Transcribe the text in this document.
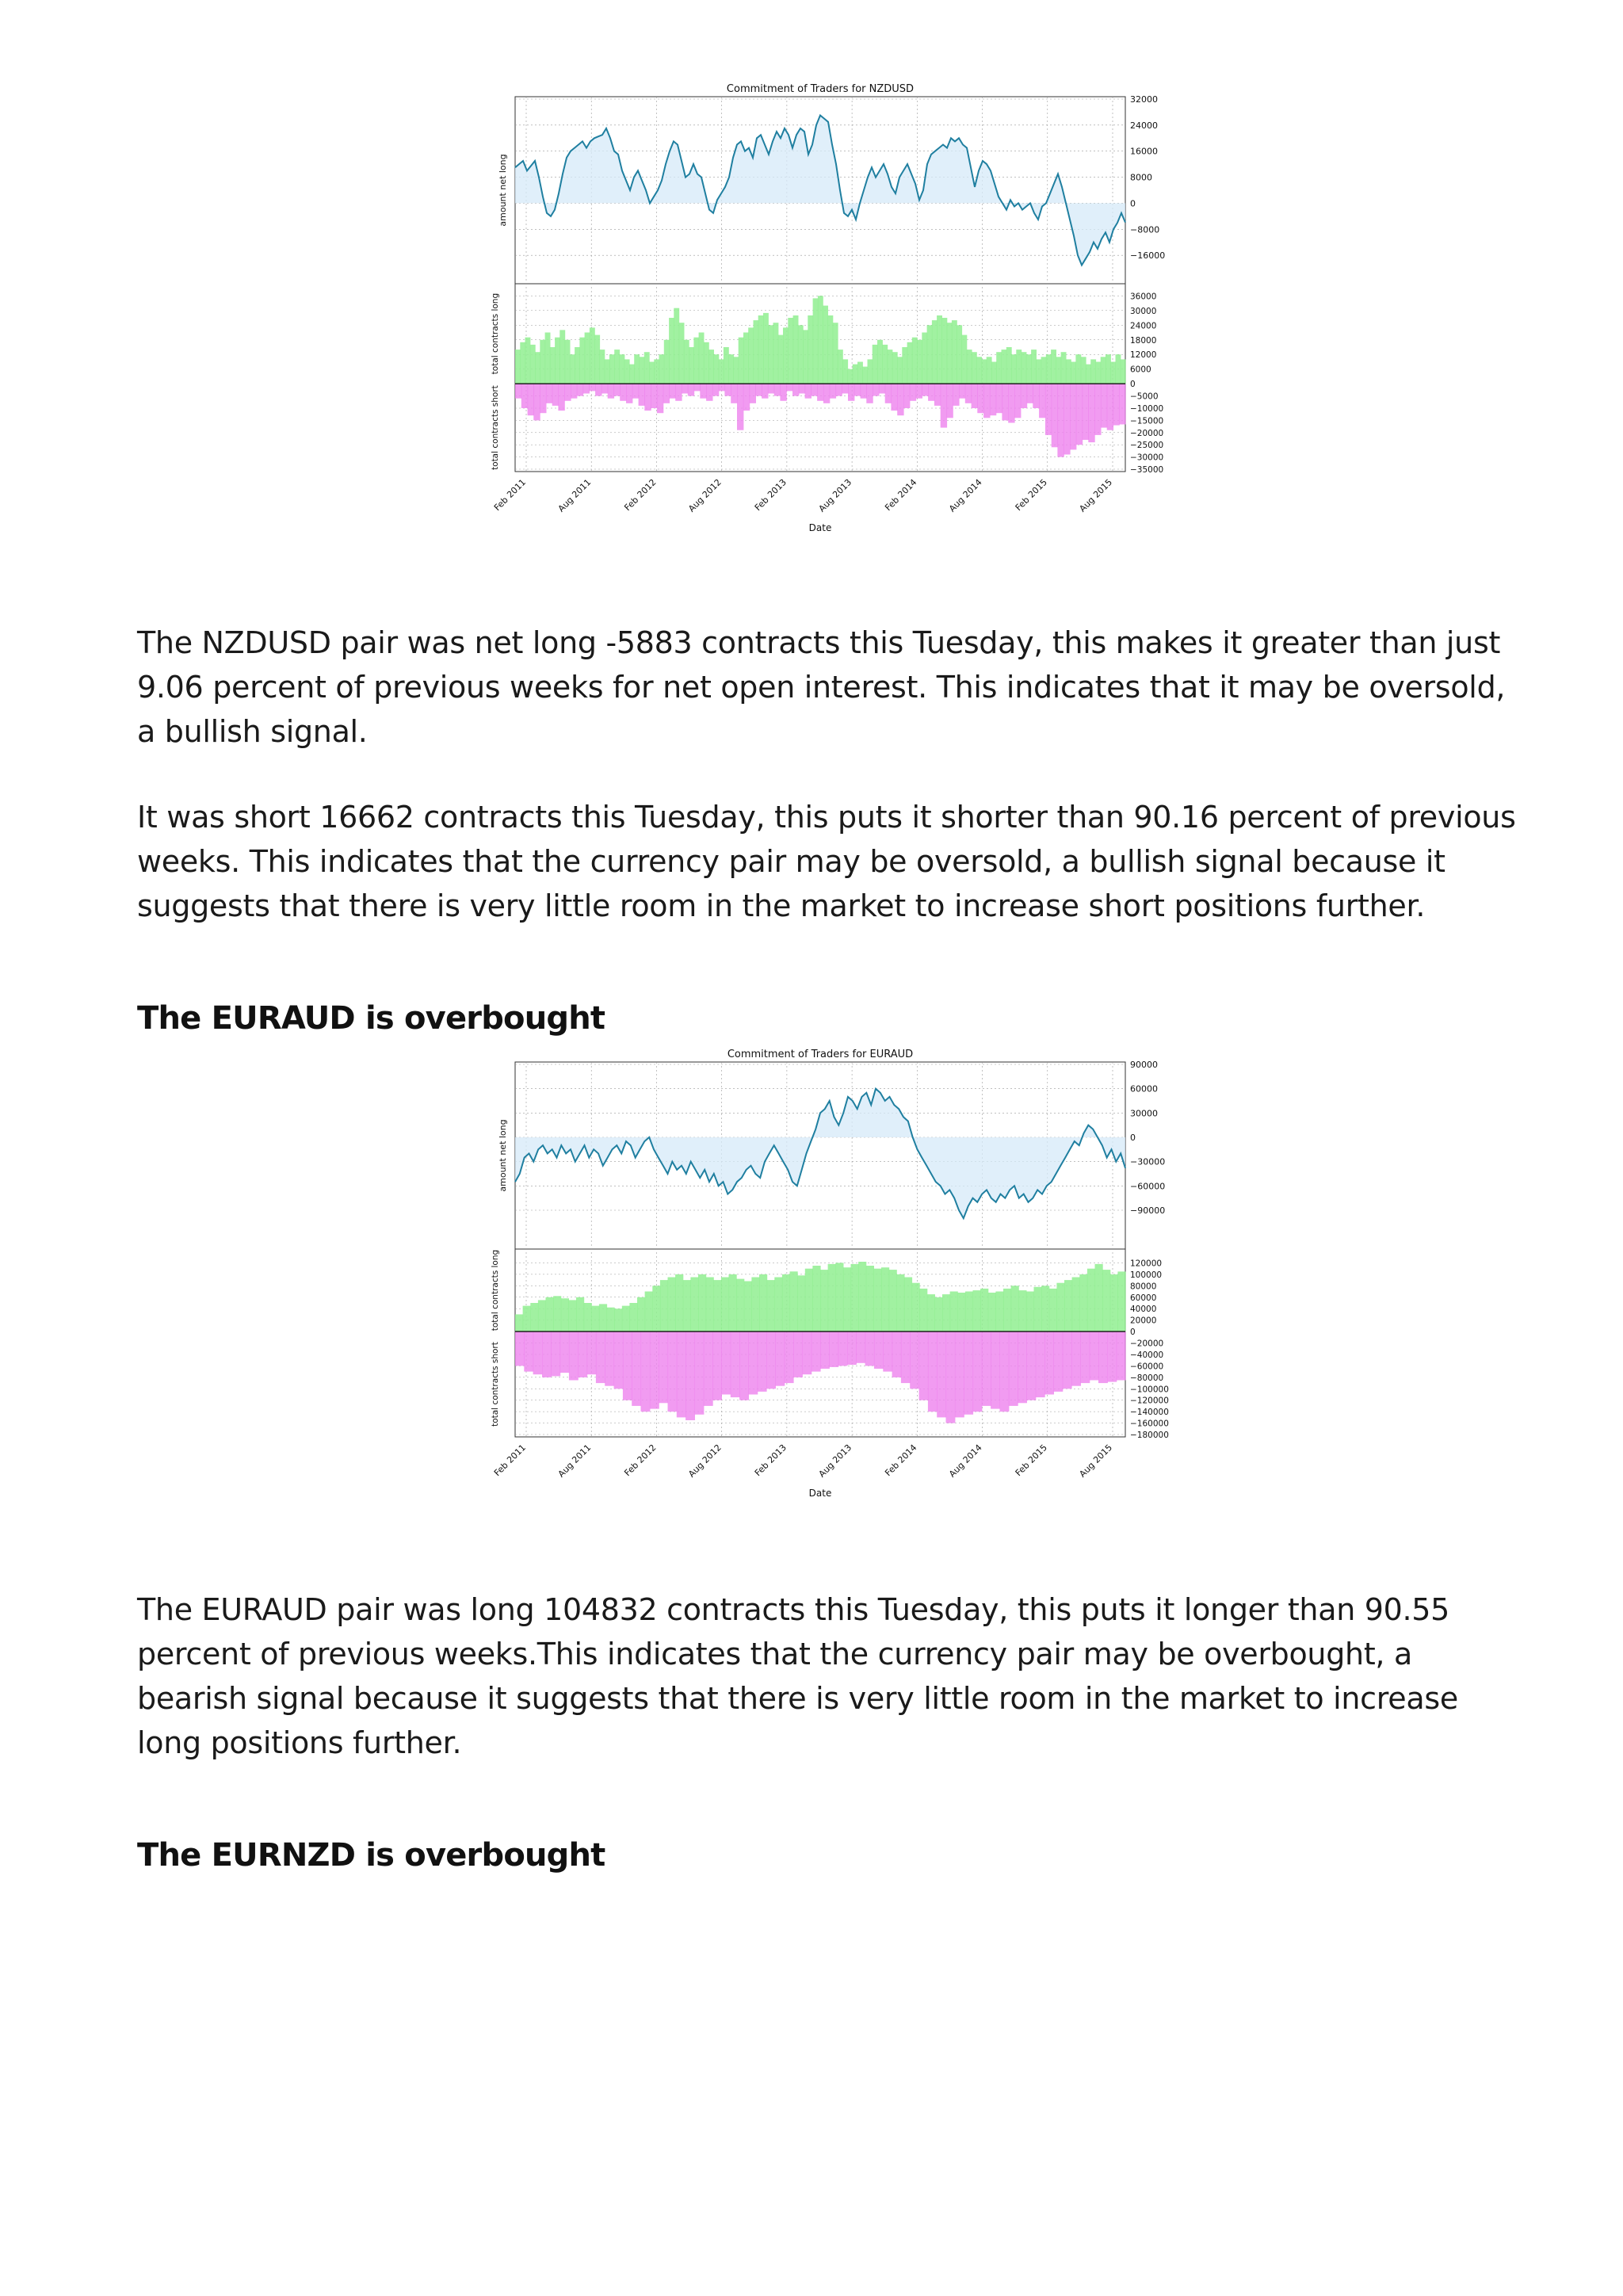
Commitment of Traders for NZDUSD
Feb 2011	Aug 2011	Feb 2012	Aug 2012	Feb 2013	Aug 2013	Feb 2014	Aug 2014	Feb 2015	Aug 2015
Date
32000
24000
16000
8000
0
−8000
−16000
amount net long
36000
30000
24000
18000
12000
6000
0
−5000
−10000
−15000
−20000
−25000
−30000
−35000
total contracts long
total contracts short

The NZDUSD pair was net long -5883 contracts this Tuesday, this makes it greater than just 9.06 percent of previous weeks for net open interest. This indicates that it may be oversold, a bullish signal.

It was short 16662 contracts this Tuesday, this puts it shorter than 90.16 percent of previous weeks. This indicates that the currency pair may be oversold, a bullish signal because it suggests that there is very little room in the market to increase short positions further.

The EURAUD is overbought
Commitment of Traders for EURAUD
Feb 2011	Aug 2011	Feb 2012	Aug 2012	Feb 2013	Aug 2013	Feb 2014	Aug 2014	Feb 2015	Aug 2015
Date
90000
60000
30000
0
−30000
−60000
−90000
amount net long
120000
100000
80000
60000
40000
20000
0
−20000
−40000
−60000
−80000
−100000
−120000
−140000
−160000
−180000
total contracts long
total contracts short

The EURAUD pair was long 104832 contracts this Tuesday, this puts it longer than 90.55 percent of previous weeks.This indicates that the currency pair may be overbought, a bearish signal because it suggests that there is very little room in the market to increase long positions further.

The EURNZD is overbought
